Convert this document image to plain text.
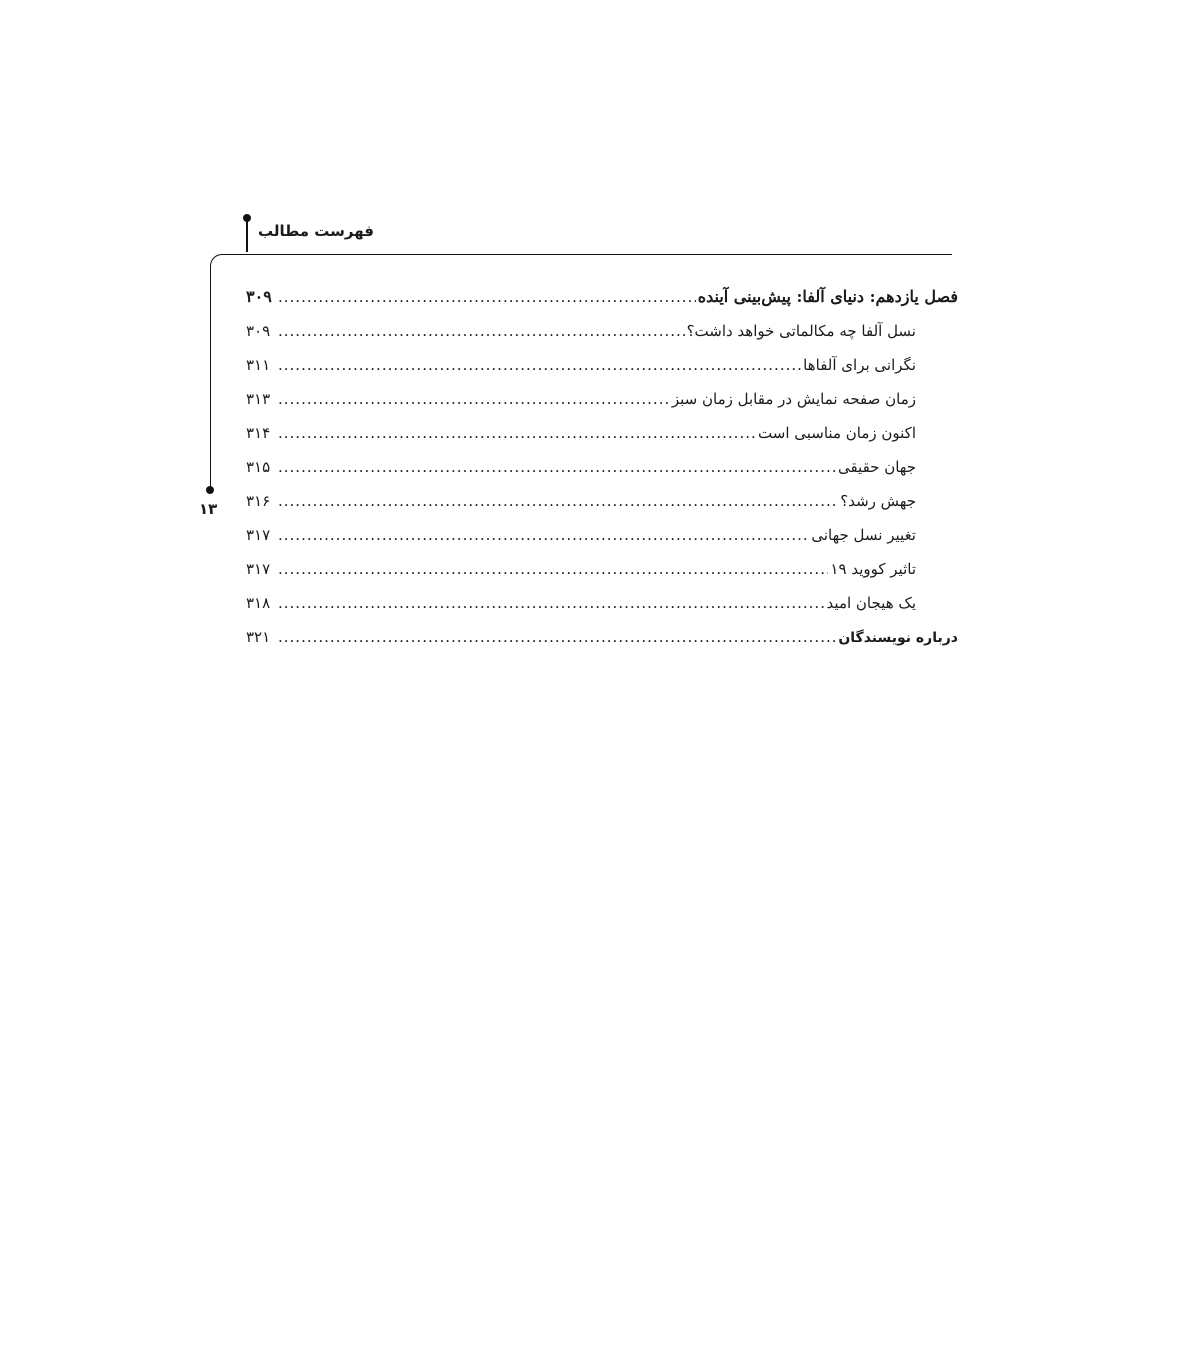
فهرست مطالب
۱۳
فصل یازدهم: دنیای آلفا: پیش‌بینی آینده
.....
۳۰۹
نسل آلفا چه مکالماتی خواهد داشت؟
.....
۳۰۹
نگرانی برای آلفاها
.....
۳۱۱
زمان صفحه نمایش در مقابل زمان سبز
.....
۳۱۳
اکنون زمان مناسبی است
.....
۳۱۴
جهان حقیقی
.....
۳۱۵
جهش رشد؟
.....
۳۱۶
تغییر نسل جهانی
.....
۳۱۷
تاثیر کووید ۱۹
.....
۳۱۷
یک هیجان امید
.....
۳۱۸
درباره نویسندگان
.....
۳۲۱
